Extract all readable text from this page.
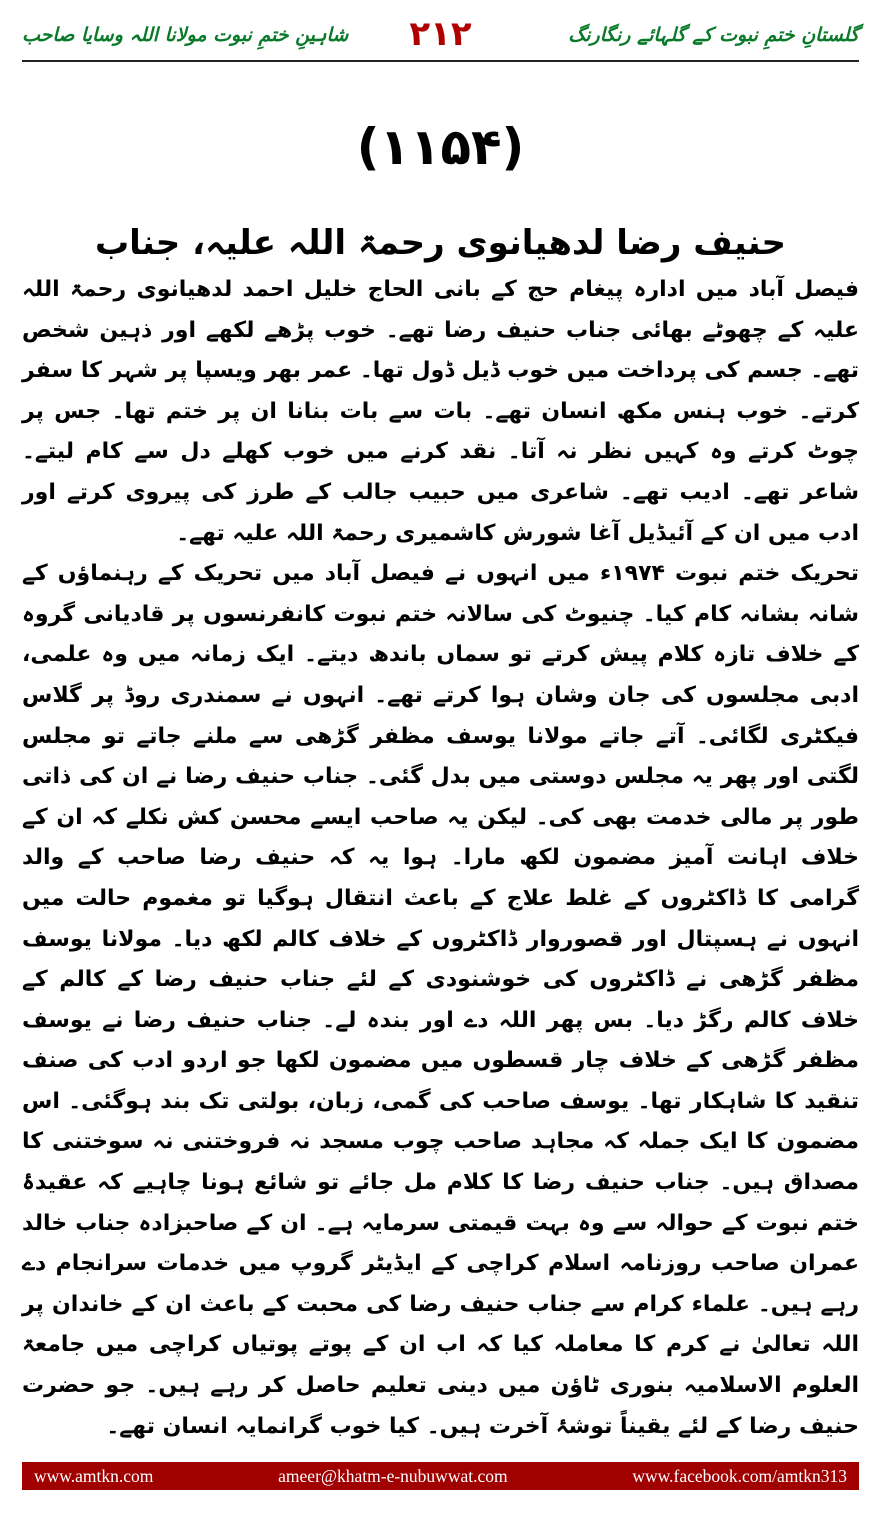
گلستانِ ختمِ نبوت کے گلہائے رنگارنگ
۲۱۲
شاہینِ ختمِ نبوت مولانا اللہ وسایا صاحب
(۱۱۵۴)
حنیف رضا لدھیانوی رحمۃ اللہ علیہ، جناب

فیصل آباد میں ادارہ پیغام حج کے بانی الحاج خلیل احمد لدھیانوی رحمۃ اللہ علیہ کے چھوٹے بھائی جناب حنیف رضا تھے۔ خوب پڑھے لکھے اور ذہین شخص تھے۔ جسم کی پرداخت میں خوب ڈیل ڈول تھا۔ عمر بھر ویسپا پر شہر کا سفر کرتے۔ خوب ہنس مکھ انسان تھے۔ بات سے بات بنانا ان پر ختم تھا۔ جس پر چوٹ کرتے وہ کہیں نظر نہ آتا۔ نقد کرنے میں خوب کھلے دل سے کام لیتے۔ شاعر تھے۔ ادیب تھے۔ شاعری میں حبیب جالب کے طرز کی پیروی کرتے اور ادب میں ان کے آئیڈیل آغا شورش کاشمیری رحمۃ اللہ علیہ تھے۔

تحریک ختم نبوت ۱۹۷۴ء میں انہوں نے فیصل آباد میں تحریک کے رہنماؤں کے شانہ بشانہ کام کیا۔ چنیوٹ کی سالانہ ختم نبوت کانفرنسوں پر قادیانی گروہ کے خلاف تازہ کلام پیش کرتے تو سماں باندھ دیتے۔ ایک زمانہ میں وہ علمی، ادبی مجلسوں کی جان وشان ہوا کرتے تھے۔ انہوں نے سمندری روڈ پر گلاس فیکٹری لگائی۔ آتے جاتے مولانا یوسف مظفر گڑھی سے ملنے جاتے تو مجلس لگتی اور پھر یہ مجلس دوستی میں بدل گئی۔ جناب حنیف رضا نے ان کی ذاتی طور پر مالی خدمت بھی کی۔ لیکن یہ صاحب ایسے محسن کش نکلے کہ ان کے خلاف اہانت آمیز مضمون لکھ مارا۔ ہوا یہ کہ حنیف رضا صاحب کے والد گرامی کا ڈاکٹروں کے غلط علاج کے باعث انتقال ہوگیا تو مغموم حالت میں انہوں نے ہسپتال اور قصوروار ڈاکٹروں کے خلاف کالم لکھ دیا۔ مولانا یوسف مظفر گڑھی نے ڈاکٹروں کی خوشنودی کے لئے جناب حنیف رضا کے کالم کے خلاف کالم رگڑ دیا۔ بس پھر اللہ دے اور بندہ لے۔ جناب حنیف رضا نے یوسف مظفر گڑھی کے خلاف چار قسطوں میں مضمون لکھا جو اردو ادب کی صنف تنقید کا شاہکار تھا۔ یوسف صاحب کی گمی، زبان، بولتی تک بند ہوگئی۔ اس مضمون کا ایک جملہ کہ مجاہد صاحب چوب مسجد نہ فروختنی نہ سوختنی کا مصداق ہیں۔ جناب حنیف رضا کا کلام مل جائے تو شائع ہونا چاہیے کہ عقیدۂ ختم نبوت کے حوالہ سے وہ بہت قیمتی سرمایہ ہے۔ ان کے صاحبزادہ جناب خالد عمران صاحب روزنامہ اسلام کراچی کے ایڈیٹر گروپ میں خدمات سرانجام دے رہے ہیں۔ علماء کرام سے جناب حنیف رضا کی محبت کے باعث ان کے خاندان پر اللہ تعالیٰ نے کرم کا معاملہ کیا کہ اب ان کے پوتے پوتیاں کراچی میں جامعۃ العلوم الاسلامیہ بنوری ٹاؤن میں دینی تعلیم حاصل کر رہے ہیں۔ جو حضرت حنیف رضا کے لئے یقیناً توشۂ آخرت ہیں۔ کیا خوب گرانمایہ انسان تھے۔

www.amtkn.com	ameer@khatm-e-nubuwwat.com	www.facebook.com/amtkn313
